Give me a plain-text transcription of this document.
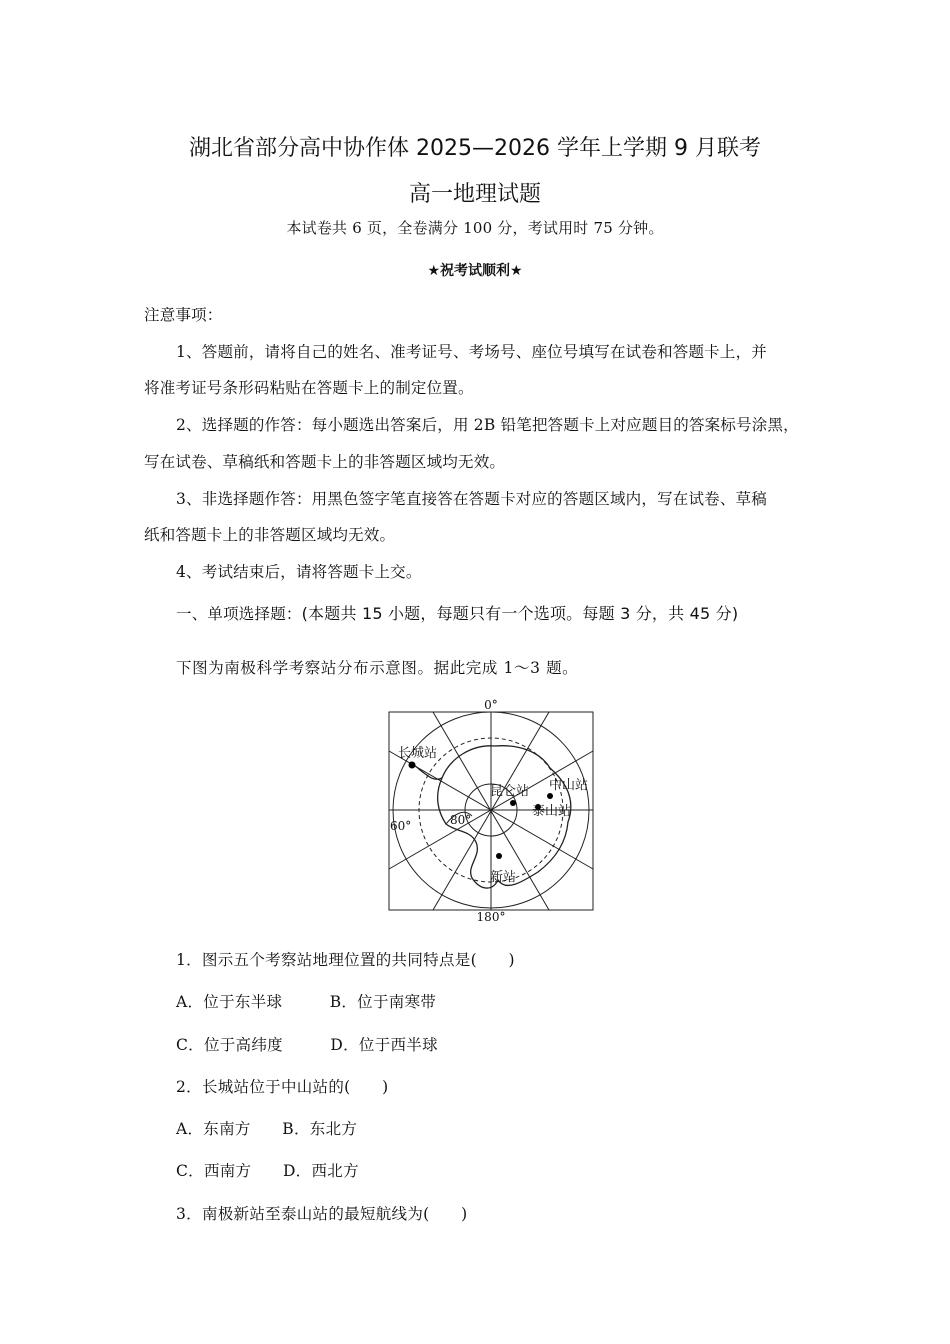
湖北省部分高中协作体 2025—2026 学年上学期 9 月联考
高一地理试题
本试卷共 6 页，全卷满分 100 分，考试用时 75 分钟。
★祝考试顺利★
注意事项：
1、答题前，请将自己的姓名、准考证号、考场号、座位号填写在试卷和答题卡上，并
将准考证号条形码粘贴在答题卡上的制定位置。
2、选择题的作答：每小题选出答案后，用 2B 铅笔把答题卡上对应题目的答案标号涂黑，
写在试卷、草稿纸和答题卡上的非答题区域均无效。
3、非选择题作答：用黑色签字笔直接答在答题卡对应的答题区域内，写在试卷、草稿
纸和答题卡上的非答题区域均无效。
4、考试结束后，请将答题卡上交。
一、单项选择题：(本题共 15 小题，每题只有一个选项。每题 3 分，共 45 分)
下图为南极科学考察站分布示意图。据此完成 1～3 题。
0°
180°
60°	80°
长城站
昆仑站 中山站
泰山站
新站
1．图示五个考察站地理位置的共同特点是(　　)
A．位于东半球　　　B．位于南寒带
C．位于高纬度　　　D．位于西半球
2．长城站位于中山站的(　　)
A．东南方　　B．东北方
C．西南方　　D．西北方
3．南极新站至泰山站的最短航线为(　　)
